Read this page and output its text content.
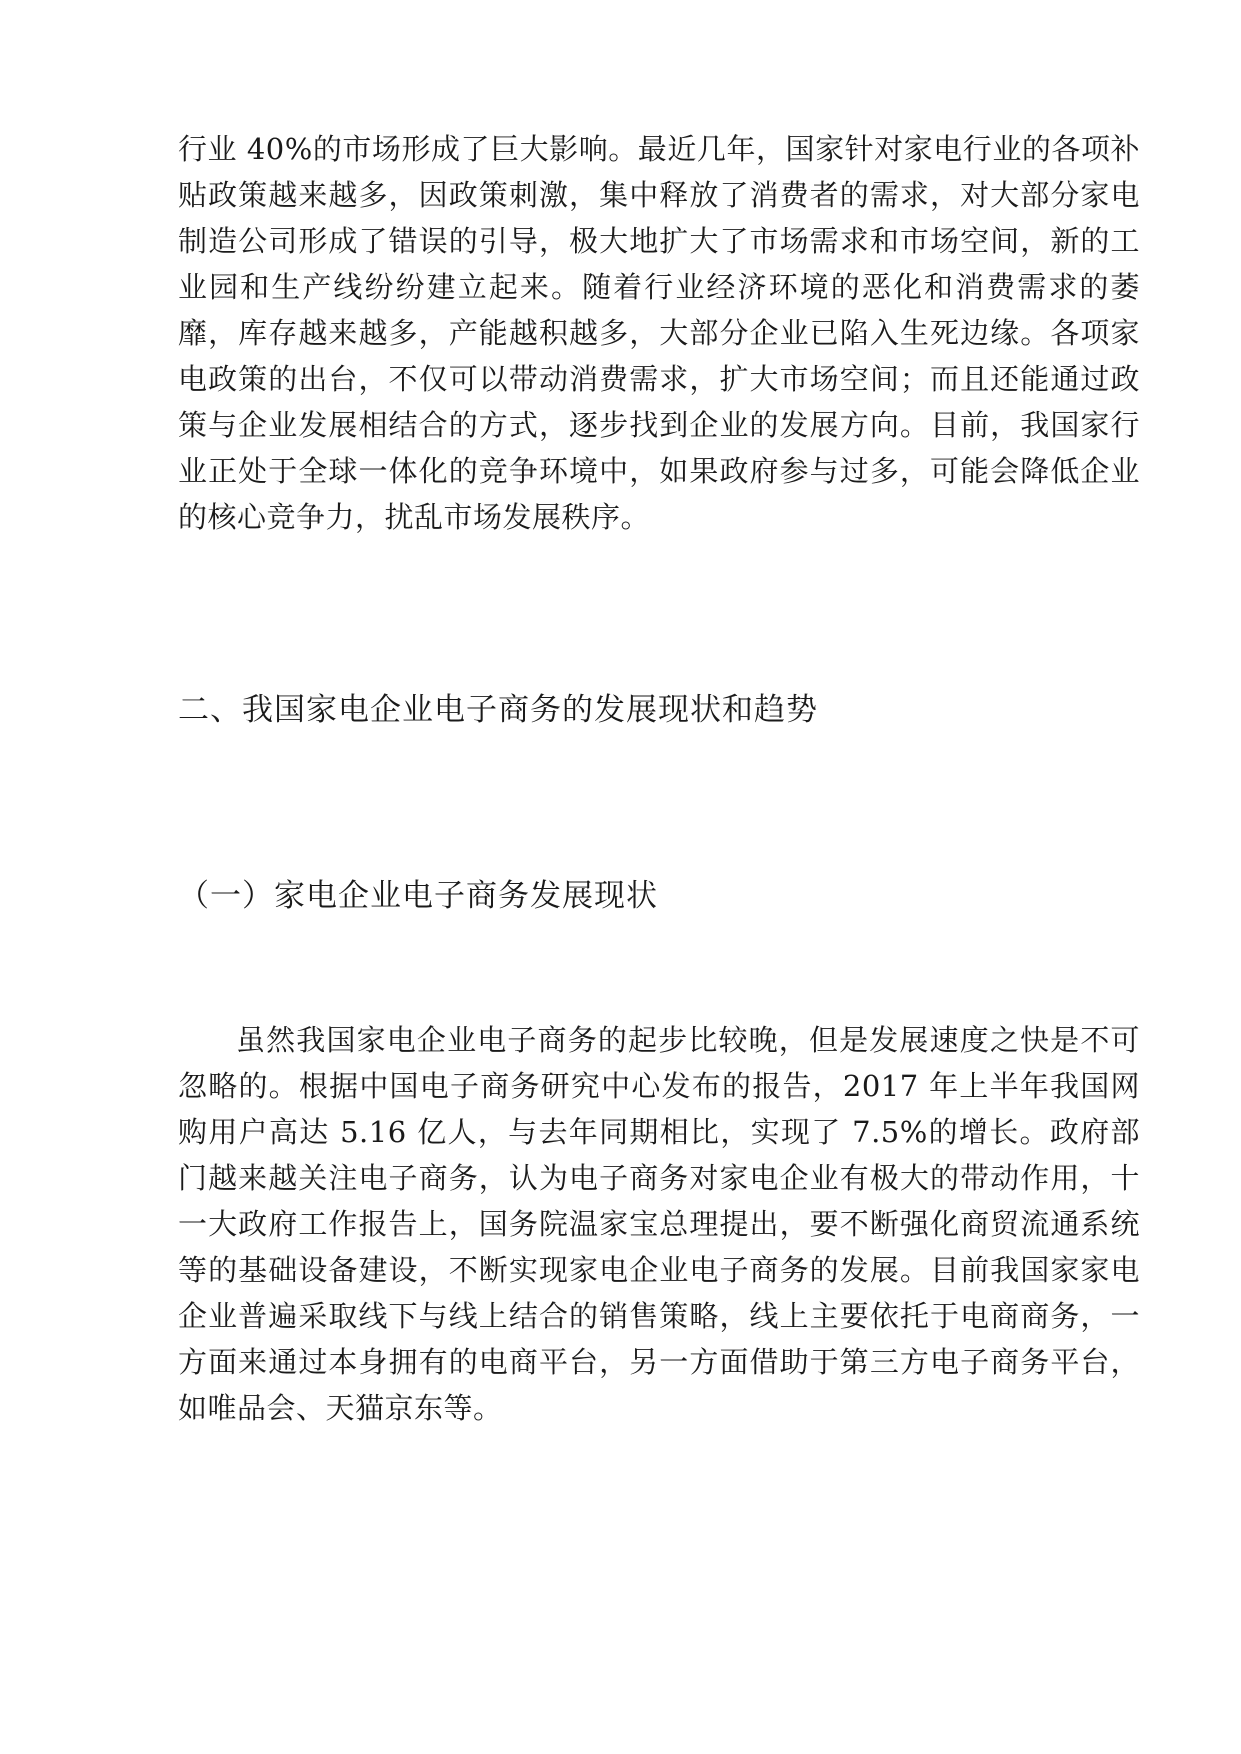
行业 40%的市场形成了巨大影响。最近几年，国家针对家电行业的各项补贴政策越来越多，因政策刺激，集中释放了消费者的需求，对大部分家电制造公司形成了错误的引导，极大地扩大了市场需求和市场空间，新的工业园和生产线纷纷建立起来。随着行业经济环境的恶化和消费需求的萎靡，库存越来越多，产能越积越多，大部分企业已陷入生死边缘。各项家电政策的出台，不仅可以带动消费需求，扩大市场空间；而且还能通过政策与企业发展相结合的方式，逐步找到企业的发展方向。目前，我国家行业正处于全球一体化的竞争环境中，如果政府参与过多，可能会降低企业的核心竞争力，扰乱市场发展秩序。

二、我国家电企业电子商务的发展现状和趋势
（一）家电企业电子商务发展现状

虽然我国家电企业电子商务的起步比较晚，但是发展速度之快是不可忽略的。根据中国电子商务研究中心发布的报告，2017 年上半年我国网购用户高达 5.16 亿人，与去年同期相比，实现了 7.5%的增长。政府部门越来越关注电子商务，认为电子商务对家电企业有极大的带动作用，十一大政府工作报告上，国务院温家宝总理提出，要不断强化商贸流通系统等的基础设备建设，不断实现家电企业电子商务的发展。目前我国家家电企业普遍采取线下与线上结合的销售策略，线上主要依托于电商商务，一方面来通过本身拥有的电商平台，另一方面借助于第三方电子商务平台，如唯品会、天猫京东等。
